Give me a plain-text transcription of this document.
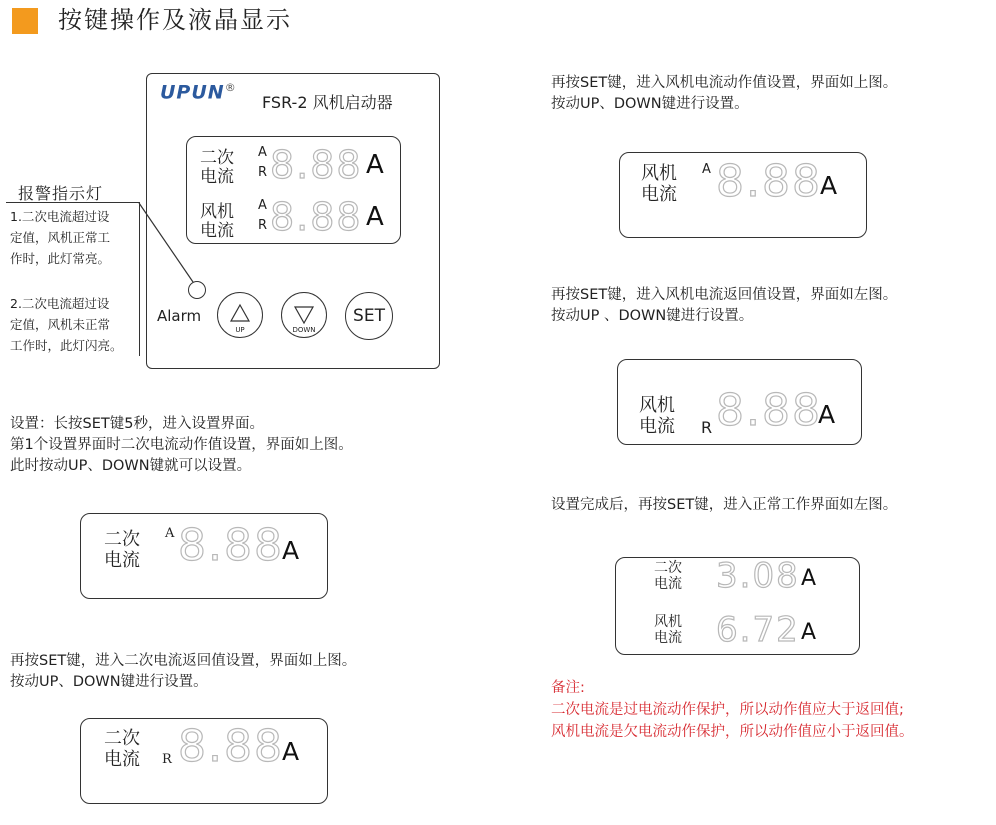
按键操作及液晶显示
UPUN®
FSR-2 风机启动器
二次
电流
A
R 8.88 A
风机
电流
A
R 8.88 A
Alarm
UP	DOWN
SET
报警指示灯
1.二次电流超过设
定值，风机正常工
作时，此灯常亮。
2.二次电流超过设
定值，风机未正常
工作时，此灯闪亮。
设置：长按SET键5秒，进入设置界面。
第1个设置界面时二次电流动作值设置，界面如上图。
此时按动UP、DOWN键就可以设置。
二次
电流
A 8.88
A
再按SET键，进入二次电流返回值设置，界面如上图。
按动UP、DOWN键进行设置。
二次
电流 R 8.88
A
再按SET键，进入风机电流动作值设置，界面如上图。
按动UP、DOWN键进行设置。
风机
电流
A 8.88
A
再按SET键，进入风机电流返回值设置，界面如左图。
按动UP 、DOWN键进行设置。
风机
电流 R 8.88
A
设置完成后，再按SET键，进入正常工作界面如左图。
二次
电流 3.08 A
风机
电流 6.72 A
备注:
二次电流是过电流动作保护，所以动作值应大于返回值;
风机电流是欠电流动作保护，所以动作值应小于返回值。
